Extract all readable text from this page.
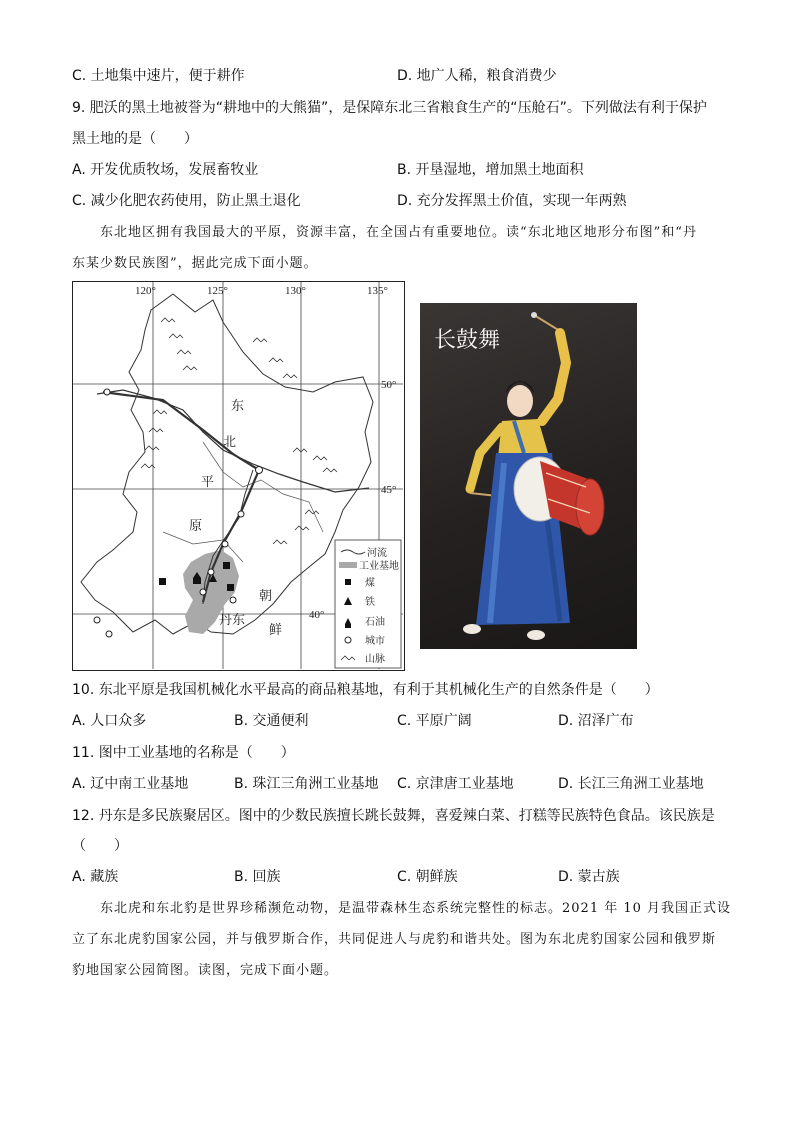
C. 土地集中速片，便于耕作	D. 地广人稀，粮食消费少
9. 肥沃的黑土地被誉为“耕地中的大熊猫”，是保障东北三省粮食生产的“压舱石”。下列做法有利于保护
黑土地的是（　　）
A. 开发优质牧场，发展畜牧业	B. 开垦湿地，增加黑土地面积
C. 减少化肥农药使用，防止黑土退化	D. 充分发挥黑土价值，实现一年两熟
东北地区拥有我国最大的平原，资源丰富，在全国占有重要地位。读“东北地区地形分布图”和“丹
东某少数民族图”，据此完成下面小题。
120°	125°	130°	135°
50°
45°
40°
东
北
平
原
朝
鲜
丹东
河流
工业基地
煤
铁
石油
城市
山脉
长鼓舞
10. 东北平原是我国机械化水平最高的商品粮基地，有利于其机械化生产的自然条件是（　　）
A. 人口众多	B. 交通便利	C. 平原广阔	D. 沼泽广布
11. 图中工业基地的名称是（　　）
A. 辽中南工业基地	B. 珠江三角洲工业基地 C. 京津唐工业基地	D. 长江三角洲工业基地
12. 丹东是多民族聚居区。图中的少数民族擅长跳长鼓舞，喜爱辣白菜、打糕等民族特色食品。该民族是
（　　）
A. 藏族	B. 回族	C. 朝鲜族	D. 蒙古族
东北虎和东北豹是世界珍稀濒危动物，是温带森林生态系统完整性的标志。2021 年 10 月我国正式设
立了东北虎豹国家公园，并与俄罗斯合作，共同促进人与虎豹和谐共处。图为东北虎豹国家公园和俄罗斯
豹地国家公园简图。读图，完成下面小题。
